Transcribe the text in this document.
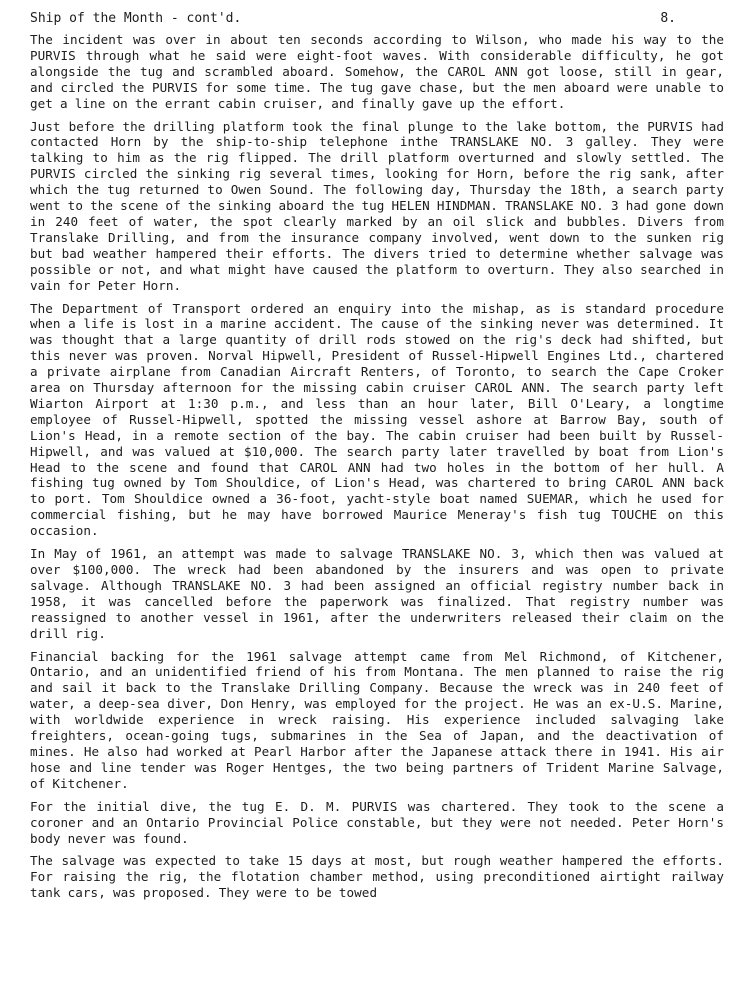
Ship of the Month - cont'd.	8.

The incident was over in about ten seconds according to Wilson, who made his way to the PURVIS through what he said were eight-foot waves. With considerable difficulty, he got alongside the tug and scrambled aboard. Somehow, the CAROL ANN got loose, still in gear, and circled the PURVIS for some time. The tug gave chase, but the men aboard were unable to get a line on the errant cabin cruiser, and finally gave up the effort.

Just before the drilling platform took the final plunge to the lake bottom, the PURVIS had contacted Horn by the ship-to-ship telephone inthe TRANSLAKE NO. 3 galley. They were talking to him as the rig flipped. The drill platform overturned and slowly settled. The PURVIS circled the sinking rig several times, looking for Horn, before the rig sank, after which the tug returned to Owen Sound. The following day, Thursday the 18th, a search party went to the scene of the sinking aboard the tug HELEN HINDMAN. TRANSLAKE NO. 3 had gone down in 240 feet of water, the spot clearly marked by an oil slick and bubbles. Divers from Translake Drilling, and from the insurance company involved, went down to the sunken rig but bad weather hampered their efforts. The divers tried to determine whether salvage was possible or not, and what might have caused the platform to overturn. They also searched in vain for Peter Horn.

The Department of Transport ordered an enquiry into the mishap, as is standard procedure when a life is lost in a marine accident. The cause of the sinking never was determined. It was thought that a large quantity of drill rods stowed on the rig's deck had shifted, but this never was proven. Norval Hipwell, President of Russel-Hipwell Engines Ltd., chartered a private airplane from Canadian Aircraft Renters, of Toronto, to search the Cape Croker area on Thursday afternoon for the missing cabin cruiser CAROL ANN. The search party left Wiarton Airport at 1:30 p.m., and less than an hour later, Bill O'Leary, a longtime employee of Russel-Hipwell, spotted the missing vessel ashore at Barrow Bay, south of Lion's Head, in a remote section of the bay. The cabin cruiser had been built by Russel-Hipwell, and was valued at $10,000. The search party later travelled by boat from Lion's Head to the scene and found that CAROL ANN had two holes in the bottom of her hull. A fishing tug owned by Tom Shouldice, of Lion's Head, was chartered to bring CAROL ANN back to port. Tom Shouldice owned a 36-foot, yacht-style boat named SUEMAR, which he used for commercial fishing, but he may have borrowed Maurice Meneray's fish tug TOUCHE on this occasion.

In May of 1961, an attempt was made to salvage TRANSLAKE NO. 3, which then was valued at over $100,000. The wreck had been abandoned by the insurers and was open to private salvage. Although TRANSLAKE NO. 3 had been assigned an official registry number back in 1958, it was cancelled before the paperwork was finalized. That registry number was reassigned to another vessel in 1961, after the underwriters released their claim on the drill rig.

Financial backing for the 1961 salvage attempt came from Mel Richmond, of Kitchener, Ontario, and an unidentified friend of his from Montana. The men planned to raise the rig and sail it back to the Translake Drilling Company. Because the wreck was in 240 feet of water, a deep-sea diver, Don Henry, was employed for the project. He was an ex-U.S. Marine, with worldwide experience in wreck raising. His experience included salvaging lake freighters, ocean-going tugs, submarines in the Sea of Japan, and the deactivation of mines. He also had worked at Pearl Harbor after the Japanese attack there in 1941. His air hose and line tender was Roger Hentges, the two being partners of Trident Marine Salvage, of Kitchener.

For the initial dive, the tug E. D. M. PURVIS was chartered. They took to the scene a coroner and an Ontario Provincial Police constable, but they were not needed. Peter Horn's body never was found.

The salvage was expected to take 15 days at most, but rough weather hampered the efforts. For raising the rig, the flotation chamber method, using preconditioned airtight railway tank cars, was proposed. They were to be towed
